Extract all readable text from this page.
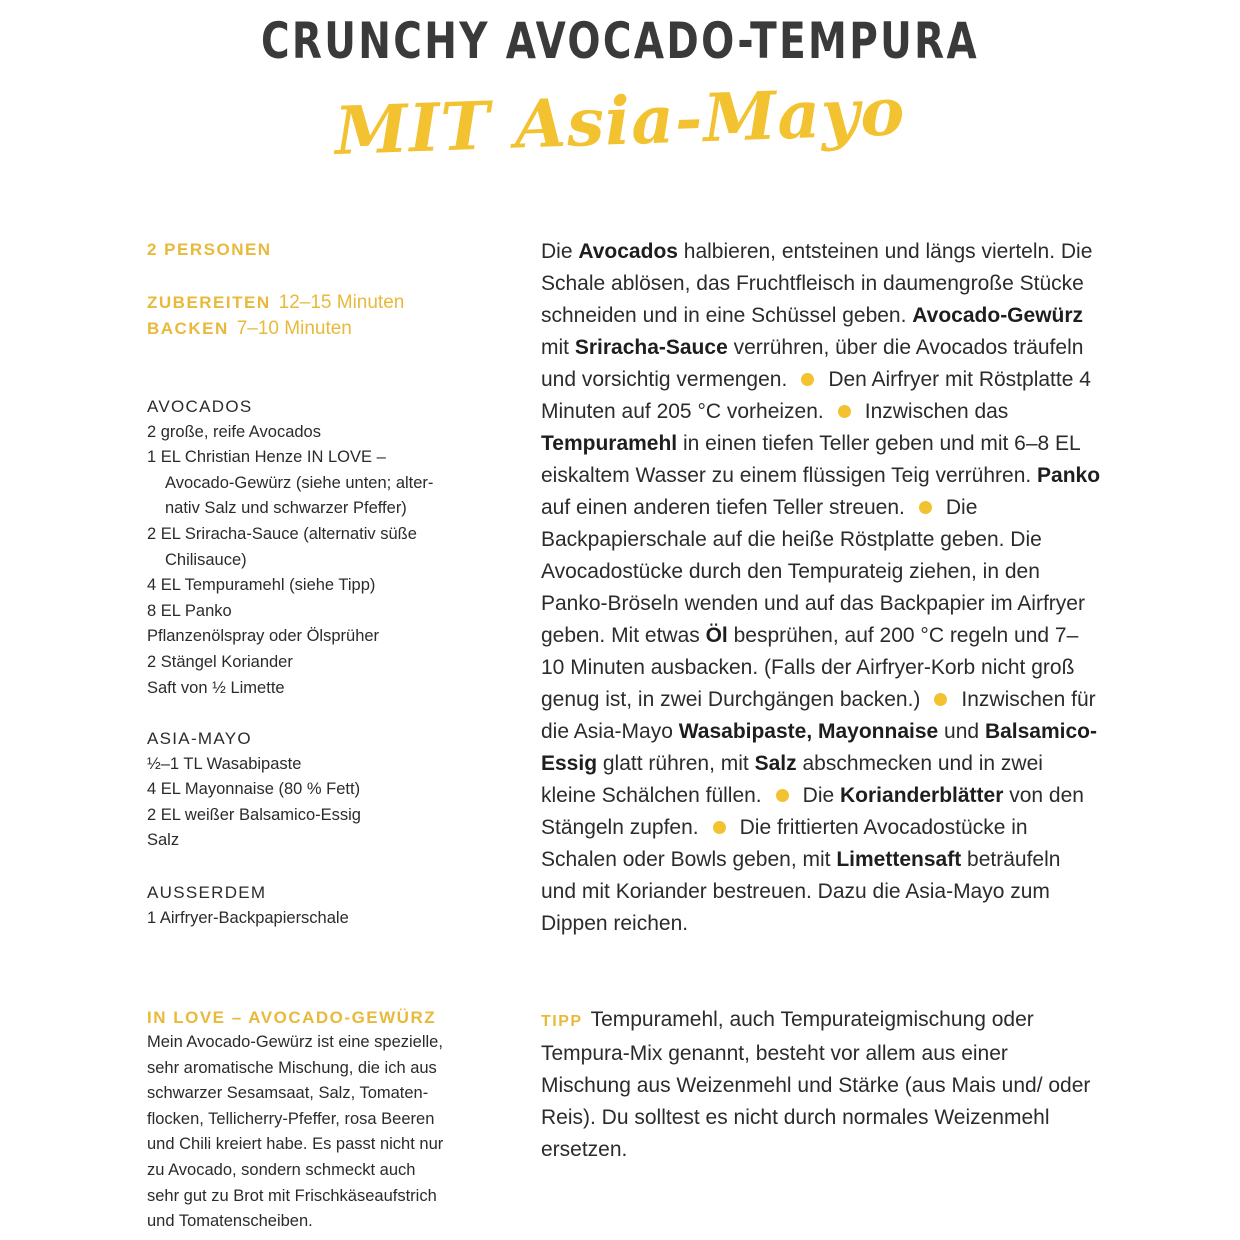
CRUNCHY AVOCADO-TEMPURA
MIT Asia-Mayo
2 PERSONEN
ZUBEREITEN 12–15 Minuten
BACKEN 7–10 Minuten
AVOCADOS
2 große, reife Avocados
1 EL Christian Henze IN LOVE –
Avocado-Gewürz (siehe unten; alter-
nativ Salz und schwarzer Pfeffer)
2 EL Sriracha-Sauce (alternativ süße
Chilisauce)
4 EL Tempuramehl (siehe Tipp)
8 EL Panko
Pflanzenölspray oder Ölsprüher
2 Stängel Koriander
Saft von ½ Limette
ASIA-MAYO
½–1 TL Wasabipaste
4 EL Mayonnaise (80 % Fett)
2 EL weißer Balsamico-Essig
Salz
AUSSERDEM
1 Airfryer-Backpapierschale
IN LOVE – AVOCADO-GEWÜRZ
Mein Avocado-Gewürz ist eine spezielle,
sehr aromatische Mischung, die ich aus
schwarzer Sesamsaat, Salz, Tomaten-
flocken, Tellicherry-Pfeffer, rosa Beeren
und Chili kreiert habe. Es passt nicht nur
zu Avocado, sondern schmeckt auch
sehr gut zu Brot mit Frischkäseaufstrich
und Tomatenscheiben.
Die Avocados halbieren, entsteinen und längs vierteln. Die Schale ablösen, das Fruchtfleisch in daumengroße Stücke schneiden und in eine Schüssel geben. Avocado-Gewürz mit Sriracha-Sauce verrühren, über die Avocados träufeln und vorsichtig vermengen. Den Airfryer mit Röstplatte 4 Minuten auf 205 °C vorheizen. Inzwischen das Tempuramehl in einen tiefen Teller geben und mit 6–8 EL eiskaltem Wasser zu einem flüssigen Teig verrühren. Panko auf einen anderen tiefen Teller streuen. Die Backpapierschale auf die heiße Röstplatte geben. Die Avocadostücke durch den Tempurateig ziehen, in den Panko-Bröseln wenden und auf das Backpapier im Airfryer geben. Mit etwas Öl besprühen, auf 200 °C regeln und 7–10 Minuten ausbacken. (Falls der Airfryer-Korb nicht groß genug ist, in zwei Durchgängen backen.) Inzwischen für die Asia-Mayo Wasabipaste, Mayonnaise und Balsamico-Essig glatt rühren, mit Salz abschmecken und in zwei kleine Schälchen füllen. Die Korianderblätter von den Stängeln zupfen. Die frittierten Avocadostücke in Schalen oder Bowls geben, mit Limettensaft beträufeln und mit Koriander bestreuen. Dazu die Asia-Mayo zum Dippen reichen.
TIPP Tempuramehl, auch Tempurateigmischung oder Tempura-Mix genannt, besteht vor allem aus einer Mischung aus Weizenmehl und Stärke (aus Mais und/ oder Reis). Du solltest es nicht durch normales Weizenmehl ersetzen.
